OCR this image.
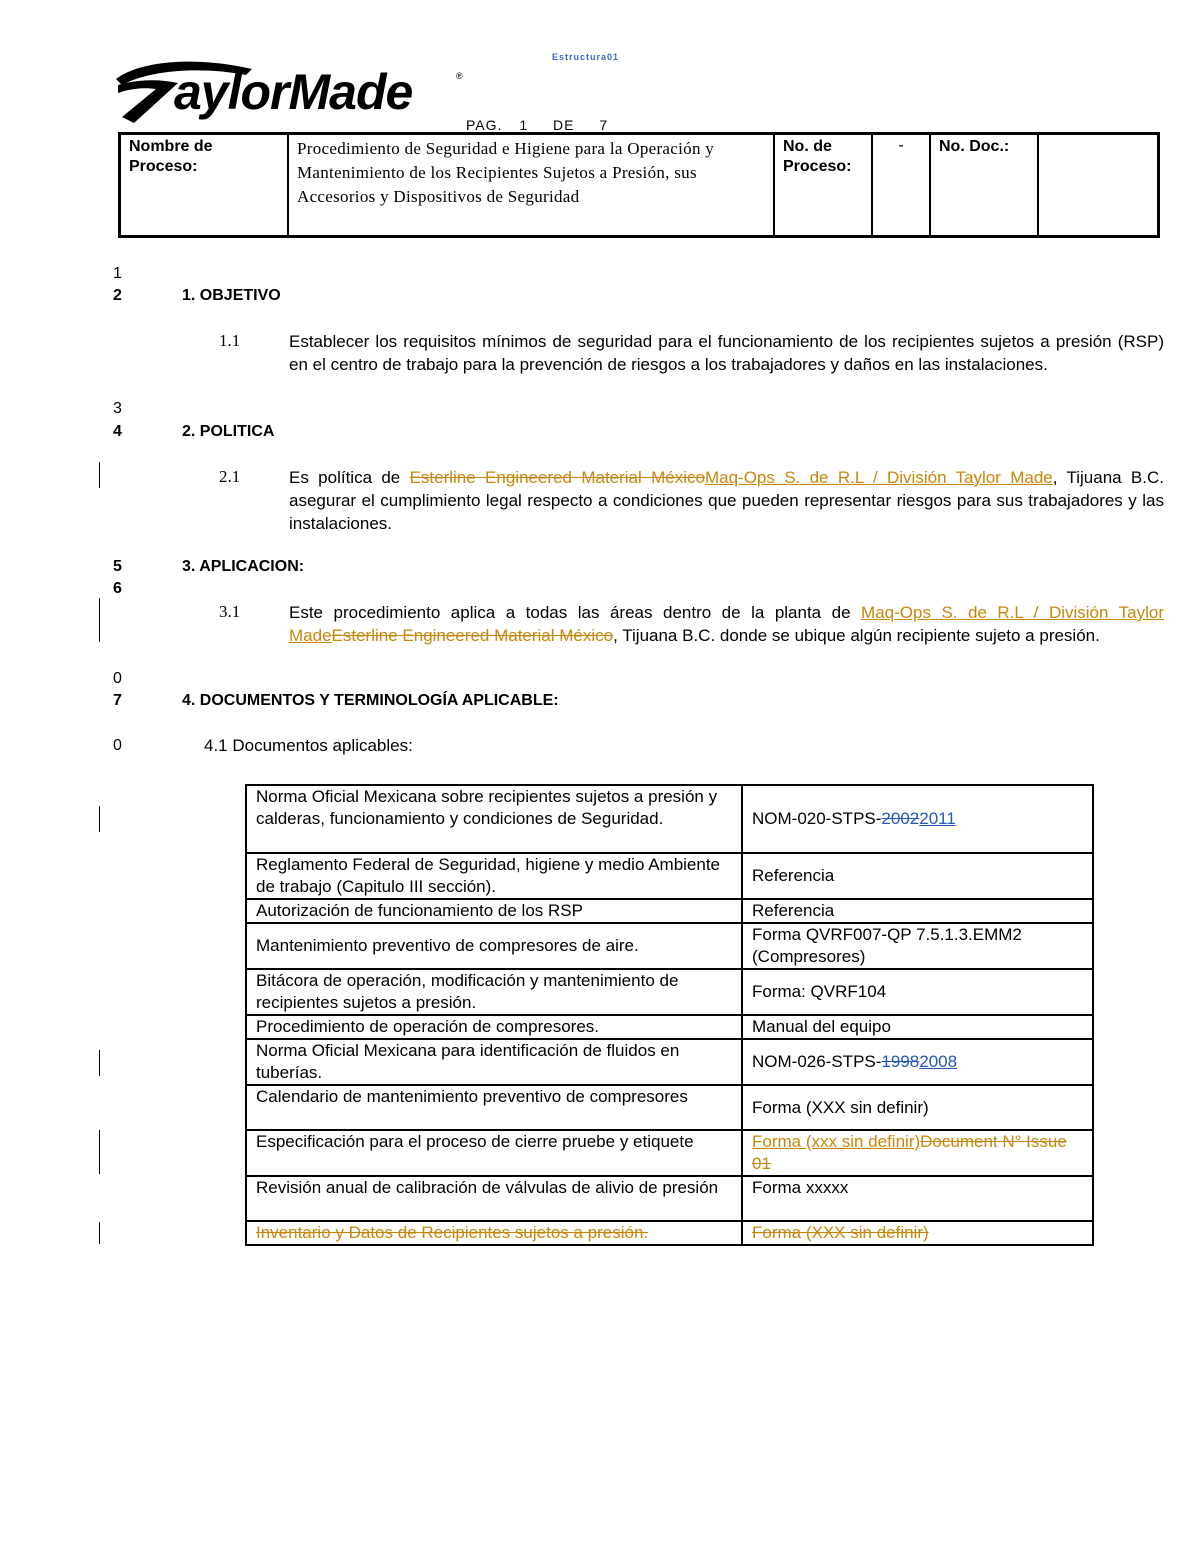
aylorMade	®
Estructura01
PAG. 1 DE 7
Nombre de Proceso:	Procedimiento de Seguridad e Higiene para la Operación y Mantenimiento de los Recipientes Sujetos a Presión, sus Accesorios y Dispositivos de Seguridad	No. de Proceso:	-	No. Doc.:	
1
2
3
4
5
6
0
7
0
1. OBJETIVO
1.1	Establecer los requisitos mínimos de seguridad para el funcionamiento de los recipientes sujetos a presión (RSP) en el centro de trabajo para la prevención de riesgos a los trabajadores y daños en las instalaciones.
2. POLITICA
2.1	Es política de Esterline Engineered Material MéxicoMaq-Ops S. de R.L / División Taylor Made, Tijuana B.C. asegurar el cumplimiento legal respecto a condiciones que pueden representar riesgos para sus trabajadores y las instalaciones.
3. APLICACION:
3.1	Este procedimiento aplica a todas las áreas dentro de la planta de Maq-Ops S. de R.L / División Taylor MadeEsterline Engineered Material México, Tijuana B.C. donde se ubique algún recipiente sujeto a presión.
4. DOCUMENTOS Y TERMINOLOGÍA APLICABLE:
4.1 Documentos aplicables:
Norma Oficial Mexicana sobre recipientes sujetos a presión y calderas, funcionamiento y condiciones de Seguridad.	NOM-020-STPS-20022011
Reglamento Federal de Seguridad, higiene y medio Ambiente de trabajo (Capitulo III sección).	Referencia
Autorización de funcionamiento de los RSP	Referencia
Mantenimiento preventivo de compresores de aire.	Forma QVRF007-QP 7.5.1.3.EMM2 (Compresores)
Bitácora de operación, modificación y mantenimiento de recipientes sujetos a presión.	Forma: QVRF104
Procedimiento de operación de compresores.	Manual del equipo
Norma Oficial Mexicana para identificación de fluidos en tuberías.	NOM-026-STPS-19982008
Calendario de mantenimiento preventivo de compresores	Forma (XXX sin definir)
Especificación para el proceso de cierre pruebe y etiquete	Forma (xxx sin definir)Document N° Issue 01
Revisión anual de calibración de válvulas de alivio de presión	Forma xxxxx
Inventario y Datos de Recipientes sujetos a presión.	Forma (XXX sin definir)
